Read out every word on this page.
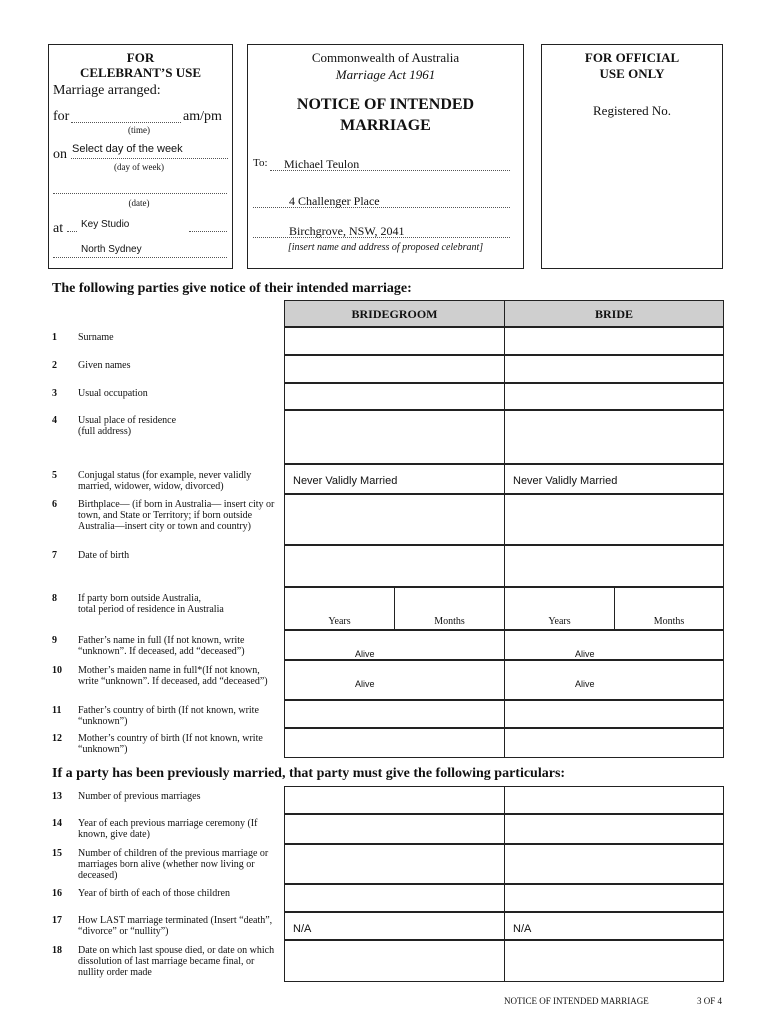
FOR
CELEBRANT’S USE
Marriage arranged:
for	am/pm
(time)
on Select day of the week
(day of week)
(date)
at Key Studio
North Sydney
Commonwealth of Australia
Marriage Act 1961
NOTICE OF INTENDED
MARRIAGE
To:	Michael Teulon
4 Challenger Place
Birchgrove, NSW, 2041
[insert name and address of proposed celebrant]
FOR OFFICIAL
USE ONLY
Registered No.
The following parties give notice of their intended marriage:
BRIDEGROOM	BRIDE
1 Surname
2 Given names
3 Usual occupation
4 Usual place of residence
(full address)
5 Conjugal status (for example, never validly married, widower, widow, divorced)	Never Validly Married	Never Validly Married
6 Birthplace— (if born in Australia— insert city or town, and State or Territory; if born outside Australia—insert city or town and country)
7 Date of birth
8 If party born outside Australia,
total period of residence in Australia
Years	Months	Years	Months
9 Father’s name in full (If not known, write “unknown”. If deceased, add “deceased”)	Alive	Alive
10 Mother’s maiden name in full*(If not known, write “unknown”. If deceased, add “deceased”)	Alive	Alive
11 Father’s country of birth (If not known, write “unknown”)
12 Mother’s country of birth (If not known, write “unknown”)
If a party has been previously married, that party must give the following particulars:
13 Number of previous marriages
14 Year of each previous marriage ceremony (If known, give date)
15 Number of children of the previous marriage or marriages born alive (whether now living or deceased)
16 Year of birth of each of those children
17 How LAST marriage terminated (Insert “death”, “divorce” or “nullity”)	N/A	N/A
18 Date on which last spouse died, or date on which dissolution of last marriage became final, or nullity order made
NOTICE OF INTENDED MARRIAGE	3 OF 4
